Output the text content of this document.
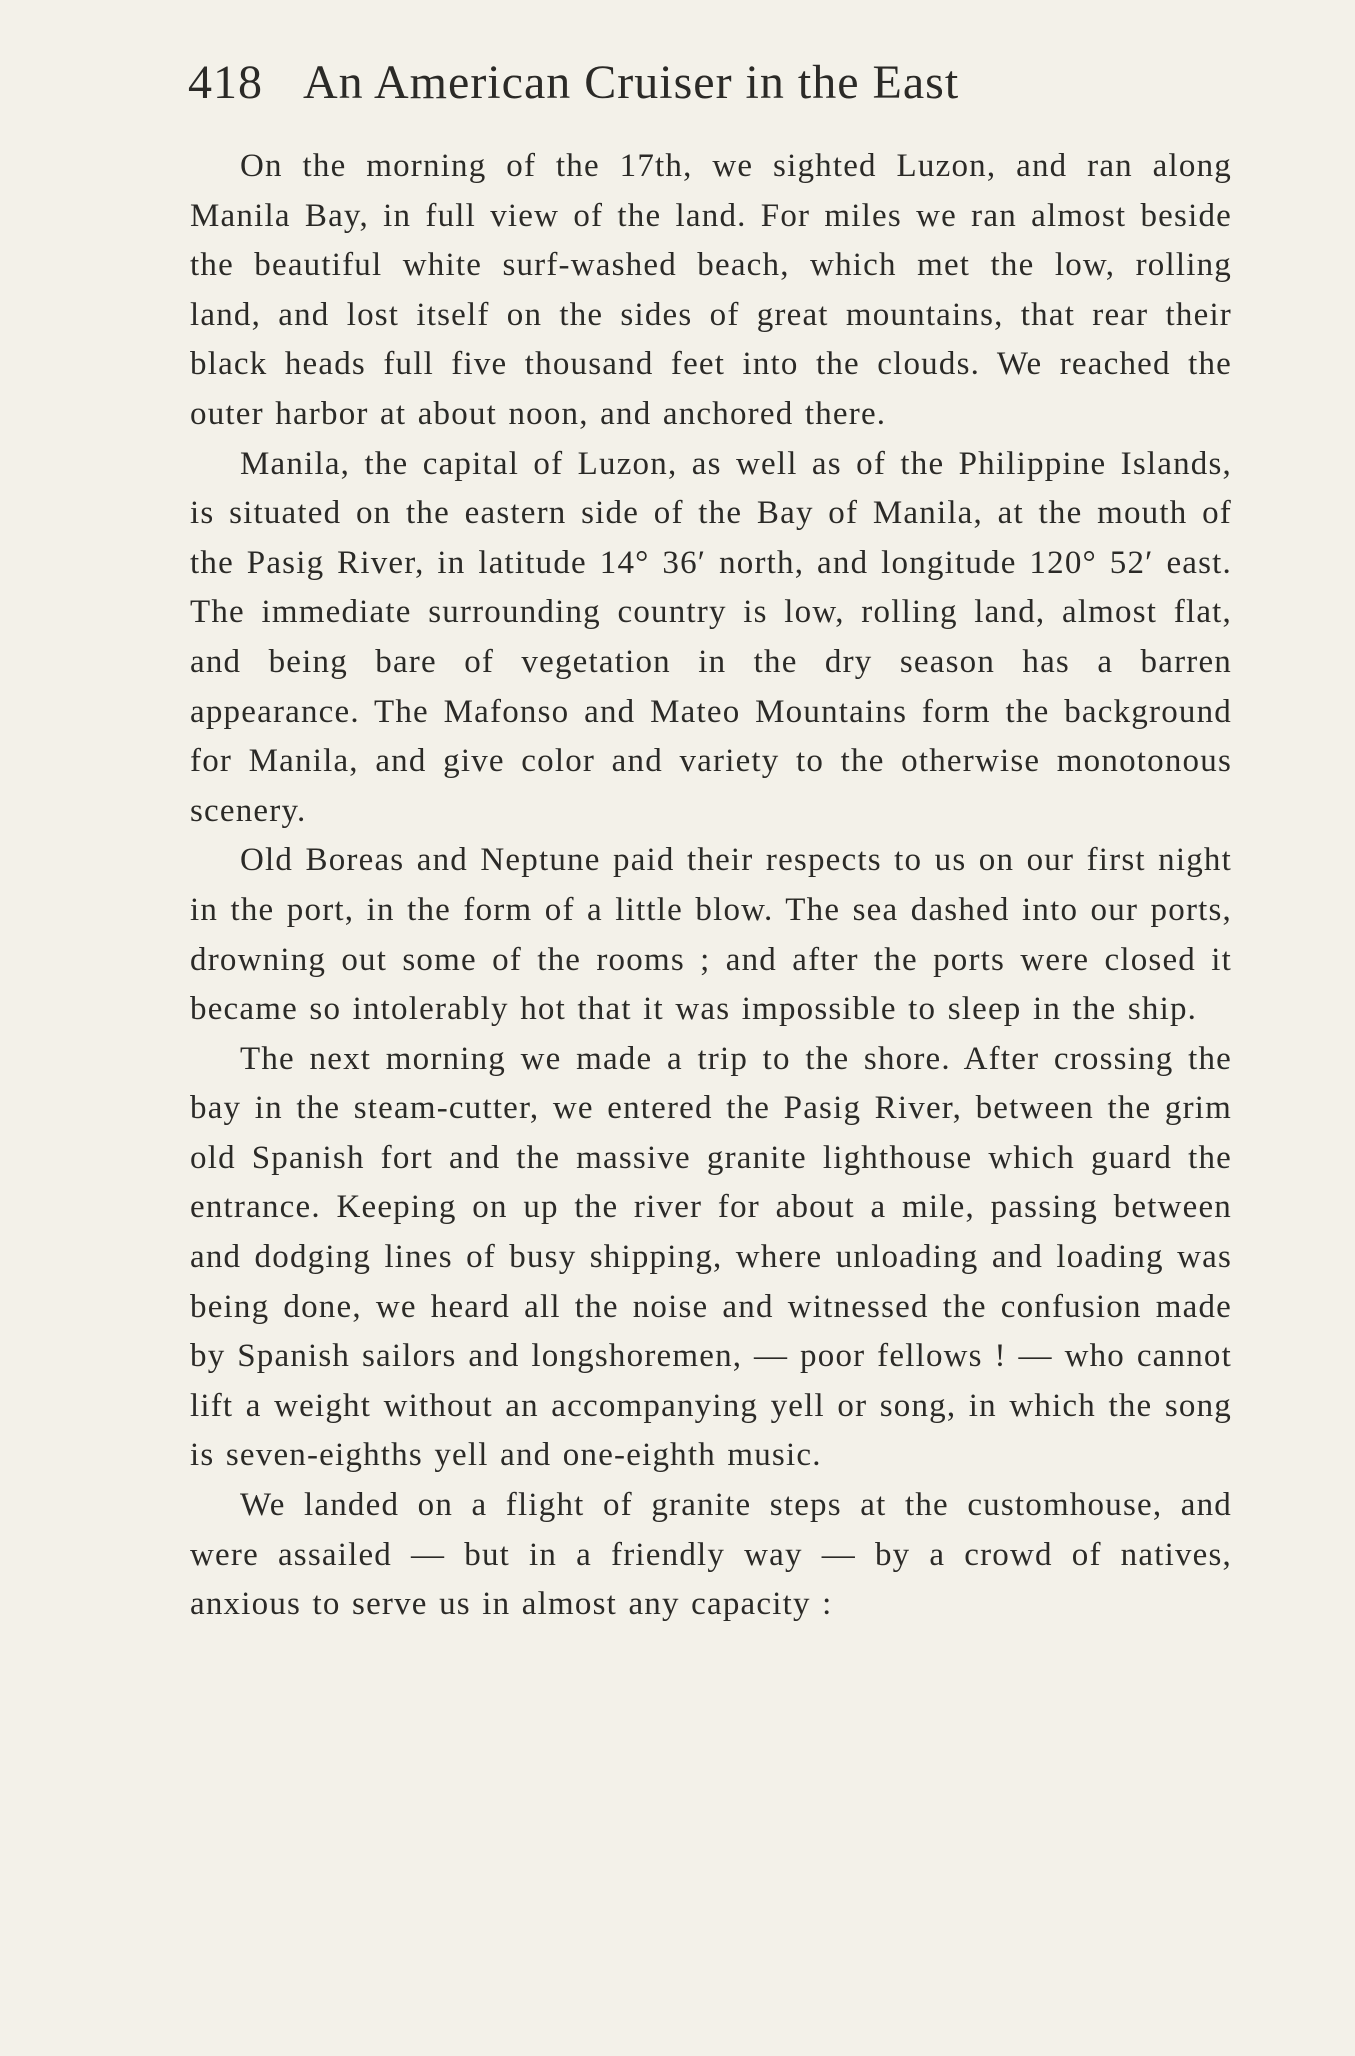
418 An American Cruiser in the East

On the morning of the 17th, we sighted Luzon, and ran along Manila Bay, in full view of the land. For miles we ran almost beside the beautiful white surf-washed beach, which met the low, rolling land, and lost itself on the sides of great mountains, that rear their black heads full five thousand feet into the clouds. We reached the outer harbor at about noon, and anchored there.

Manila, the capital of Luzon, as well as of the Philippine Islands, is situated on the eastern side of the Bay of Manila, at the mouth of the Pasig River, in latitude 14° 36′ north, and longitude 120° 52′ east. The immediate surrounding country is low, rolling land, almost flat, and being bare of vegetation in the dry season has a barren appearance. The Mafonso and Mateo Mountains form the background for Manila, and give color and variety to the otherwise monotonous scenery.

Old Boreas and Neptune paid their respects to us on our first night in the port, in the form of a little blow. The sea dashed into our ports, drowning out some of the rooms ; and after the ports were closed it became so intolerably hot that it was impossible to sleep in the ship.

The next morning we made a trip to the shore. After crossing the bay in the steam-cutter, we entered the Pasig River, between the grim old Spanish fort and the massive granite lighthouse which guard the entrance. Keeping on up the river for about a mile, passing between and dodging lines of busy shipping, where unloading and loading was being done, we heard all the noise and witnessed the confusion made by Spanish sailors and longshoremen, — poor fellows ! — who cannot lift a weight without an accompanying yell or song, in which the song is seven-eighths yell and one-eighth music.

We landed on a flight of granite steps at the customhouse, and were assailed — but in a friendly way — by a crowd of natives, anxious to serve us in almost any capacity :
